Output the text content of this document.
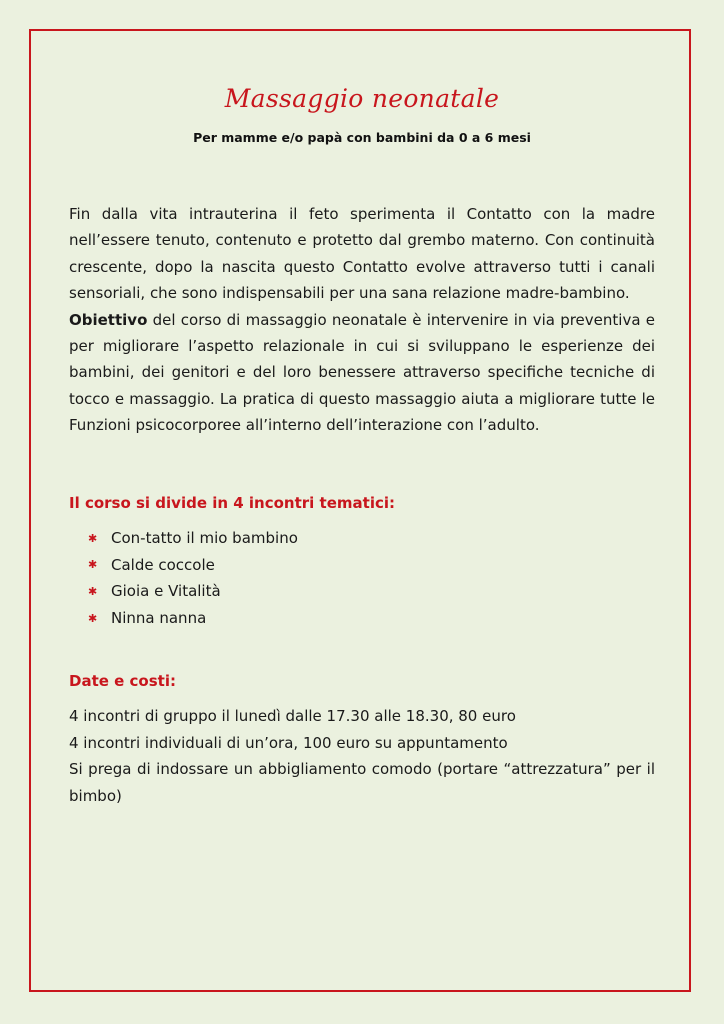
Massaggio neonatale
Per mamme e/o papà con bambini da 0 a 6 mesi

Fin dalla vita intrauterina il feto sperimenta il Contatto con la madre nell’essere tenuto, contenuto e protetto dal grembo materno. Con continuità crescente, dopo la nascita questo Contatto evolve attraverso tutti i canali sensoriali, che sono indispensabili per una sana relazione madre-bambino.

Obiettivo del corso di massaggio neonatale è intervenire in via preventiva e per migliorare l’aspetto relazionale in cui si sviluppano le esperienze dei bambini, dei genitori e del loro benessere attraverso specifiche tecniche di tocco e massaggio. La pratica di questo massaggio aiuta a migliorare tutte le Funzioni psicocorporee all’interno dell’interazione con l’adulto.

Il corso si divide in 4 incontri tematici:
✱ Con-tatto il mio bambino
✱ Calde coccole
✱ Gioia e Vitalità
✱ Ninna nanna
Date e costi:
4 incontri di gruppo il lunedì dalle 17.30 alle 18.30, 80 euro
4 incontri individuali di un’ora, 100 euro su appuntamento
Si prega di indossare un abbigliamento comodo (portare “attrezzatura” per il
bimbo)
